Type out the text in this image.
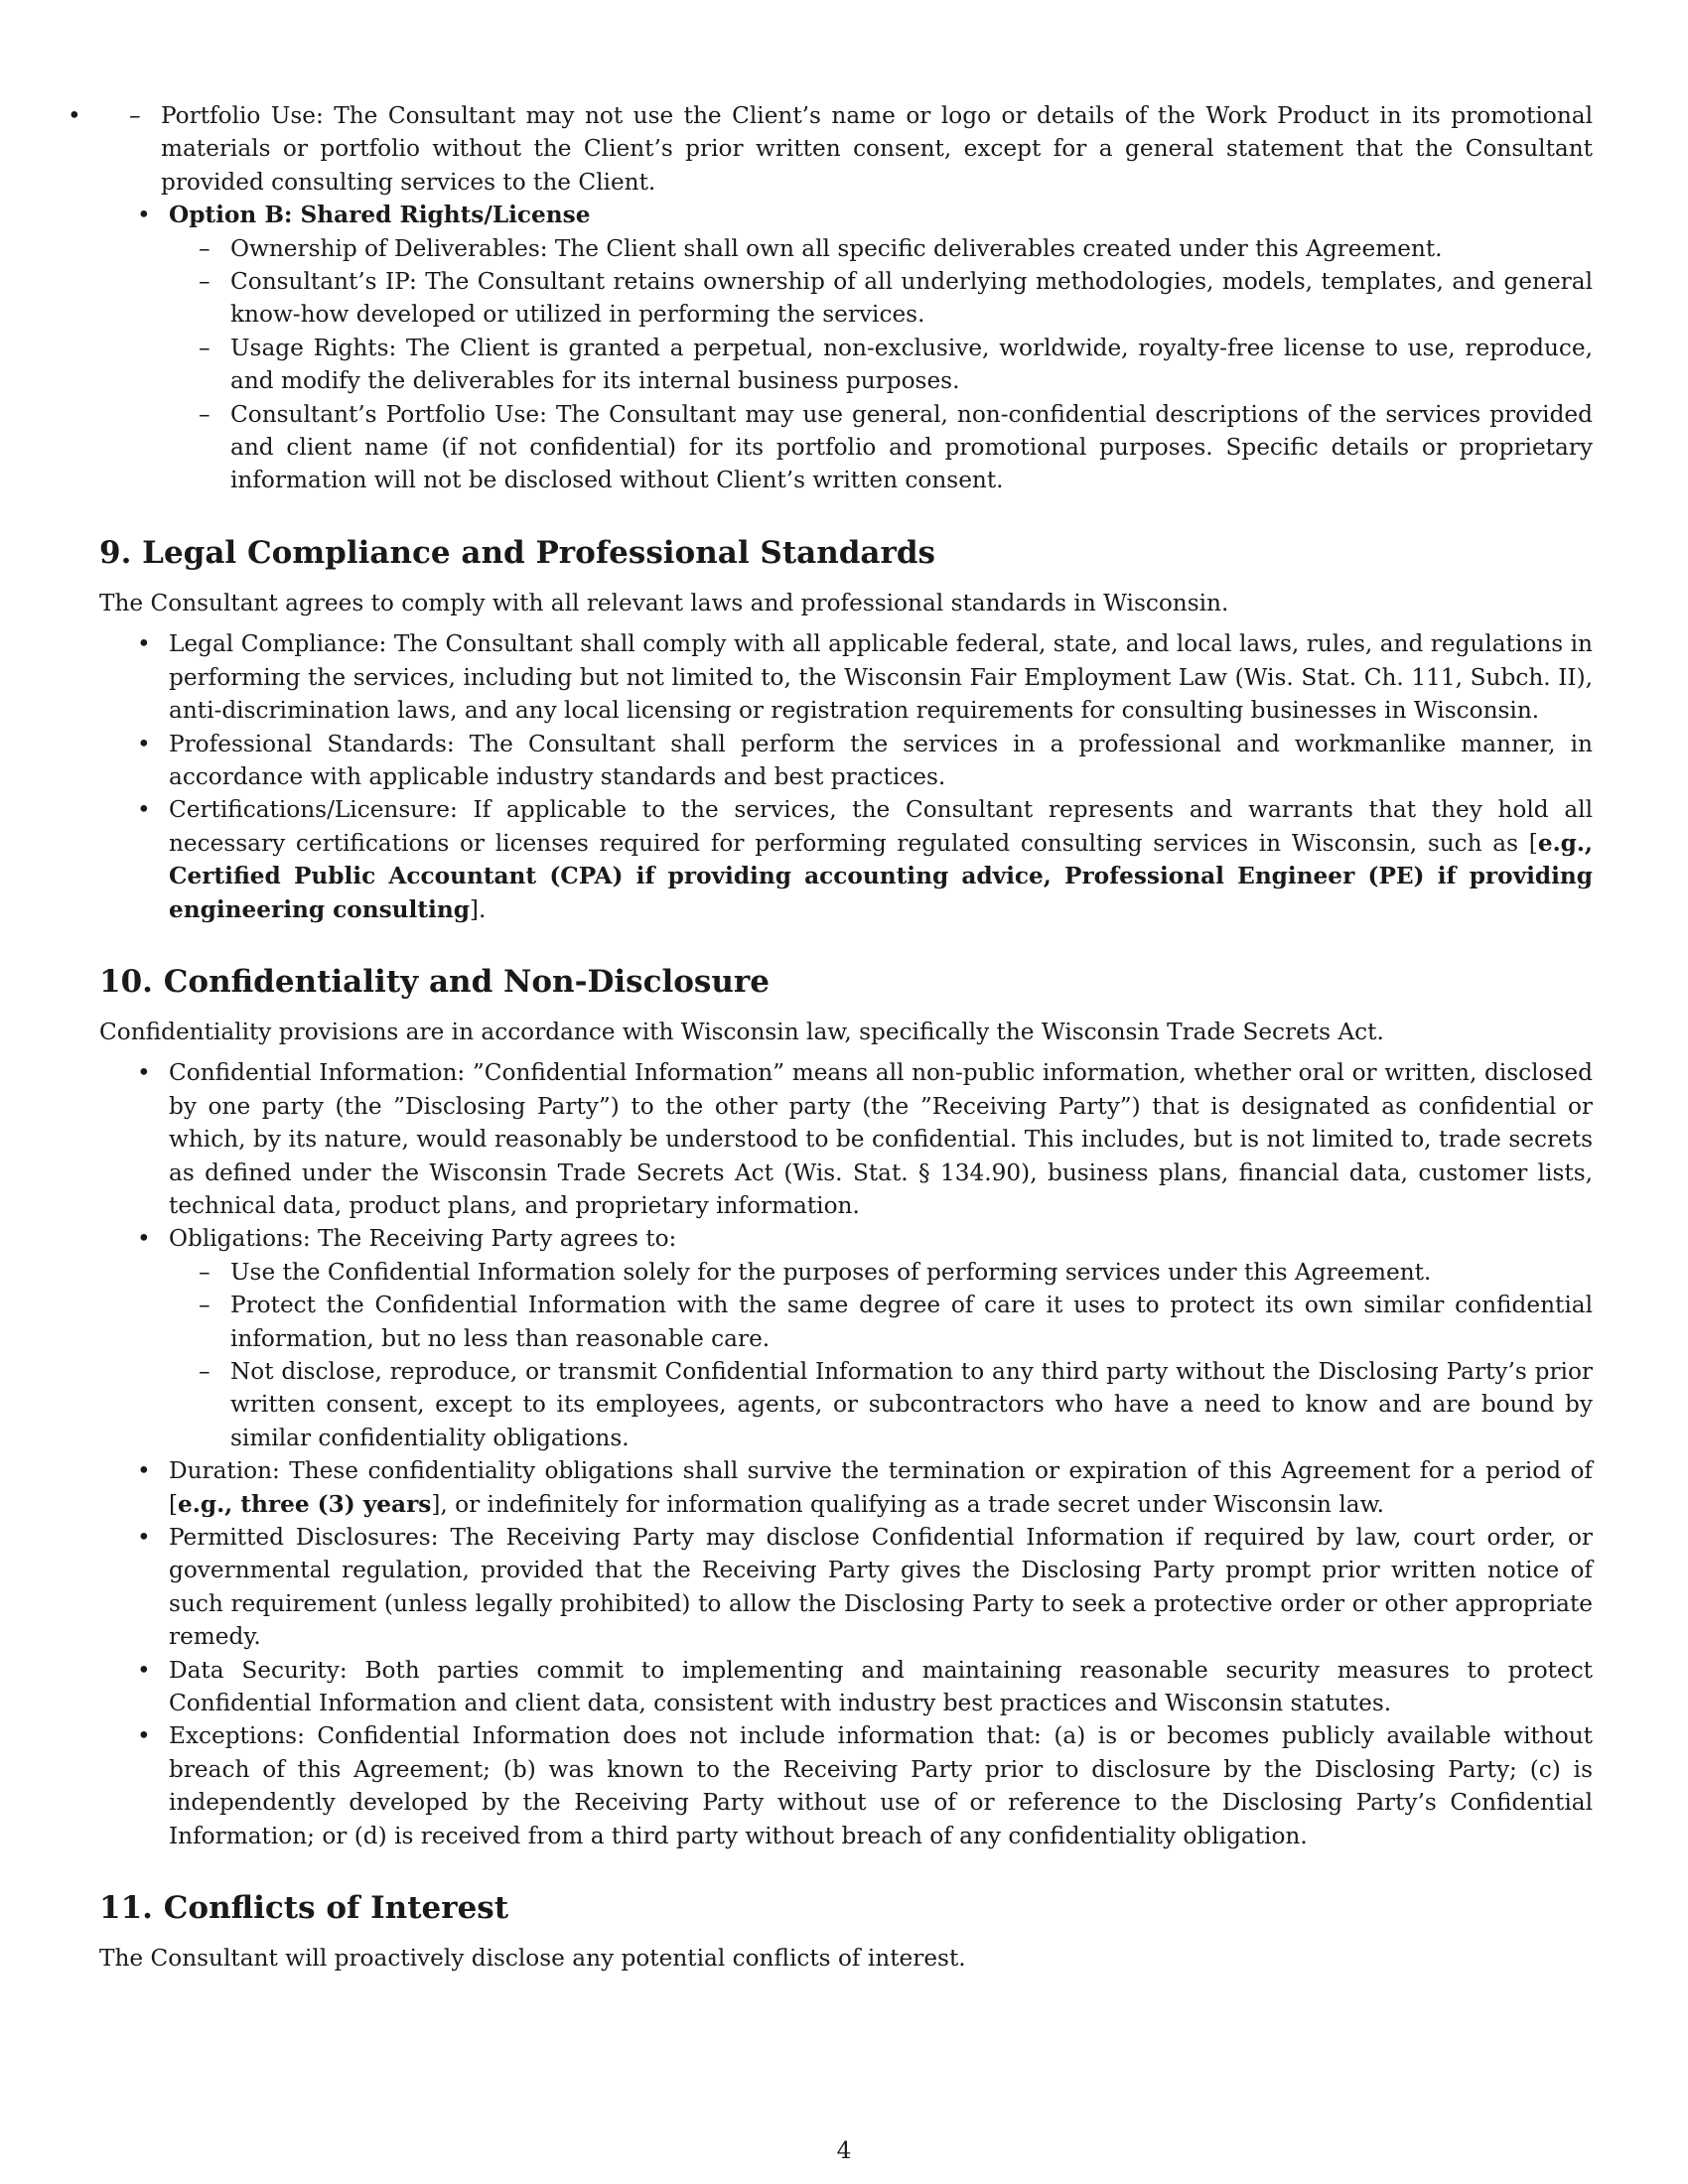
– • Portfolio Use: The Consultant may not use the Client’s name or logo or details of the Work Product in its promotional materials or portfolio without the Client’s prior written consent, except for a general statement that the Consultant provided consulting services to the Client.
• Option B: Shared Rights/License
– Ownership of Deliverables: The Client shall own all specific deliverables created under this Agreement.
– Consultant’s IP: The Consultant retains ownership of all underlying methodologies, models, templates, and general know-how developed or utilized in performing the services.
– Usage Rights: The Client is granted a perpetual, non-exclusive, worldwide, royalty-free license to use, reproduce, and modify the deliverables for its internal business purposes.
– Consultant’s Portfolio Use: The Consultant may use general, non-confidential descriptions of the services provided and client name (if not confidential) for its portfolio and promotional purposes. Specific details or proprietary information will not be disclosed without Client’s written consent.
9. Legal Compliance and Professional Standards

The Consultant agrees to comply with all relevant laws and professional standards in Wisconsin.

• Legal Compliance: The Consultant shall comply with all applicable federal, state, and local laws, rules, and regulations in performing the services, including but not limited to, the Wisconsin Fair Employment Law (Wis. Stat. Ch. 111, Subch. II), anti-discrimination laws, and any local licensing or registration requirements for consulting businesses in Wisconsin.
• Professional Standards: The Consultant shall perform the services in a professional and workmanlike manner, in accordance with applicable industry standards and best practices.
• Certifications/Licensure: If applicable to the services, the Consultant represents and warrants that they hold all necessary certifications or licenses required for performing regulated consulting services in Wisconsin, such as [e.g., Certified Public Accountant (CPA) if providing accounting advice, Professional Engineer (PE) if providing engineering consulting].
10. Confidentiality and Non-Disclosure

Confidentiality provisions are in accordance with Wisconsin law, specifically the Wisconsin Trade Secrets Act.

• Confidential Information: ”Confidential Information” means all non-public information, whether oral or written, disclosed by one party (the ”Disclosing Party”) to the other party (the ”Receiving Party”) that is designated as confidential or which, by its nature, would reasonably be understood to be confidential. This includes, but is not limited to, trade secrets as defined under the Wisconsin Trade Secrets Act (Wis. Stat. § 134.90), business plans, financial data, customer lists, technical data, product plans, and proprietary information.
• Obligations: The Receiving Party agrees to:
– Use the Confidential Information solely for the purposes of performing services under this Agreement.
– Protect the Confidential Information with the same degree of care it uses to protect its own similar confidential information, but no less than reasonable care.
– Not disclose, reproduce, or transmit Confidential Information to any third party without the Disclosing Party’s prior written consent, except to its employees, agents, or subcontractors who have a need to know and are bound by similar confidentiality obligations.
• Duration: These confidentiality obligations shall survive the termination or expiration of this Agreement for a period of [e.g., three (3) years], or indefinitely for information qualifying as a trade secret under Wisconsin law.
• Permitted Disclosures: The Receiving Party may disclose Confidential Information if required by law, court order, or governmental regulation, provided that the Receiving Party gives the Disclosing Party prompt prior written notice of such requirement (unless legally prohibited) to allow the Disclosing Party to seek a protective order or other appropriate remedy.
• Data Security: Both parties commit to implementing and maintaining reasonable security measures to protect Confidential Information and client data, consistent with industry best practices and Wisconsin statutes.
• Exceptions: Confidential Information does not include information that: (a) is or becomes publicly available without breach of this Agreement; (b) was known to the Receiving Party prior to disclosure by the Disclosing Party; (c) is independently developed by the Receiving Party without use of or reference to the Disclosing Party’s Confidential Information; or (d) is received from a third party without breach of any confidentiality obligation.
11. Conflicts of Interest

The Consultant will proactively disclose any potential conflicts of interest.

4
